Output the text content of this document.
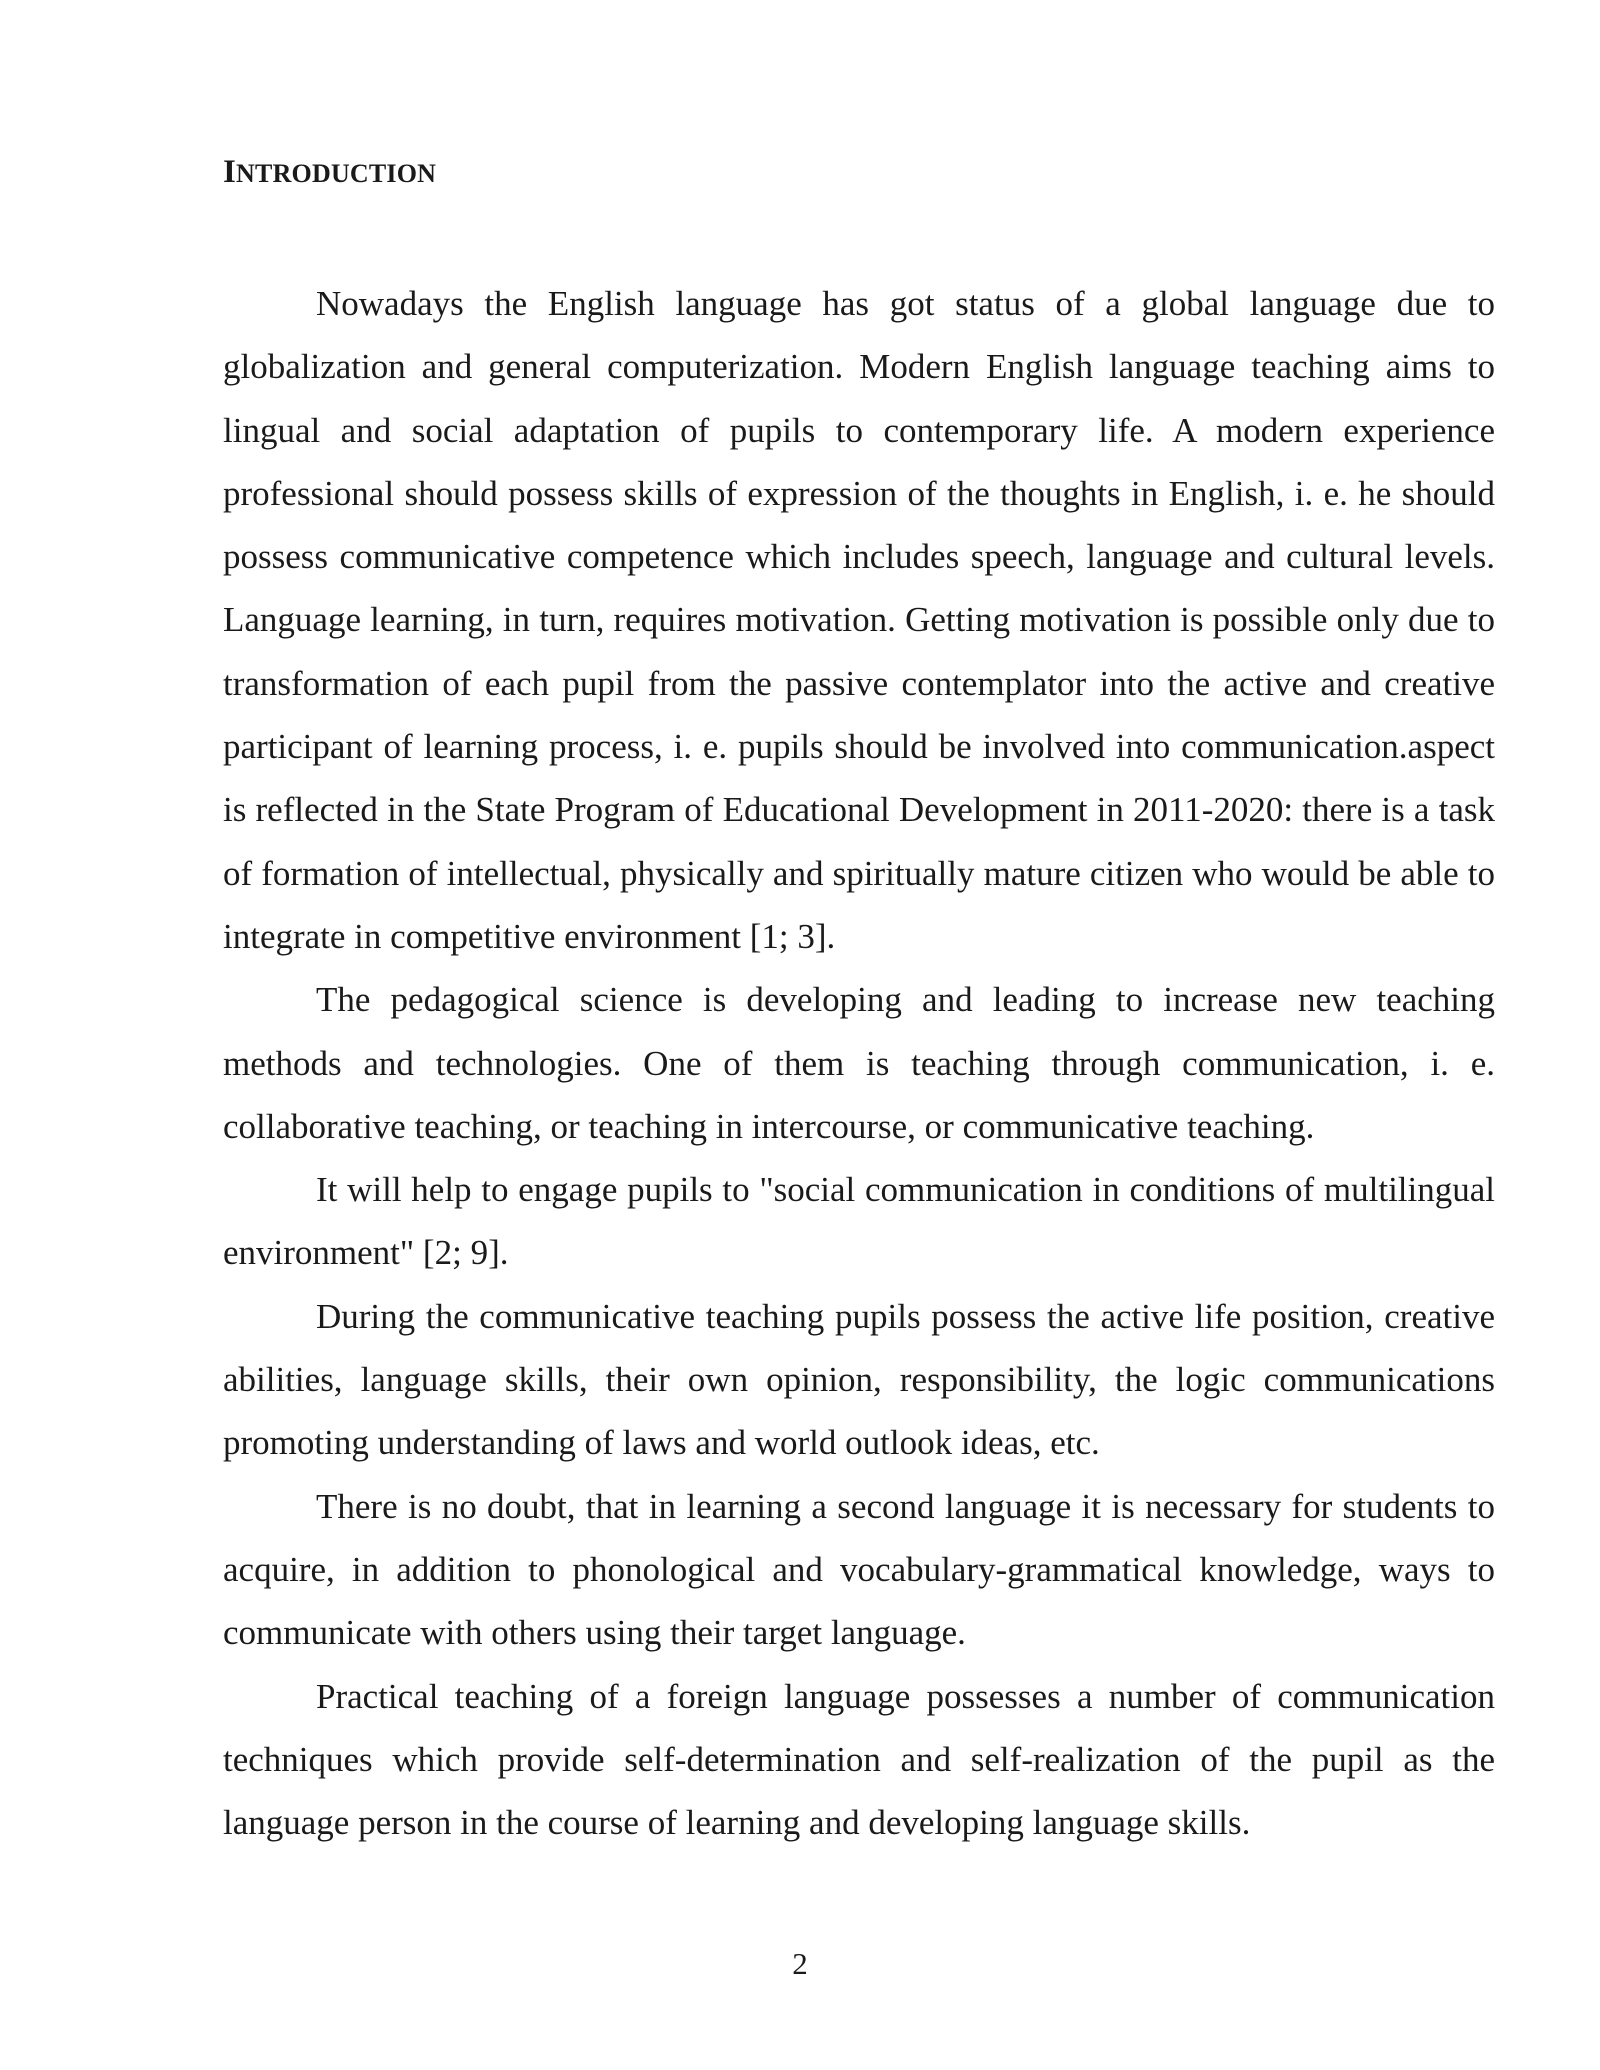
INTRODUCTION

Nowadays the English language has got status of a global language due to globalization and general computerization. Modern English language teaching aims to lingual and social adaptation of pupils to contemporary life. A modern experience professional should possess skills of expression of the thoughts in English, i. e. he should possess communicative competence which includes speech, language and cultural levels. Language learning, in turn, requires motivation. Getting motivation is possible only due to transformation of each pupil from the passive contemplator into the active and creative participant of learning process, i. e. pupils should be involved into communication.aspect is reflected in the State Program of Educational Development in 2011-2020: there is a task of formation of intellectual, physically and spiritually mature citizen who would be able to integrate in competitive environment [1; 3].

The pedagogical science is developing and leading to increase new teaching methods and technologies. One of them is teaching through communication, i. e. collaborative teaching, or teaching in intercourse, or communicative teaching.

It will help to engage pupils to "social communication in conditions of multilingual environment" [2; 9].

During the communicative teaching pupils possess the active life position, creative abilities, language skills, their own opinion, responsibility, the logic communications promoting understanding of laws and world outlook ideas, etc.

There is no doubt, that in learning a second language it is necessary for students to acquire, in addition to phonological and vocabulary-grammatical knowledge, ways to communicate with others using their target language.

Practical teaching of a foreign language possesses a number of communication techniques which provide self-determination and self-realization of the pupil as the language person in the course of learning and developing language skills.

2
